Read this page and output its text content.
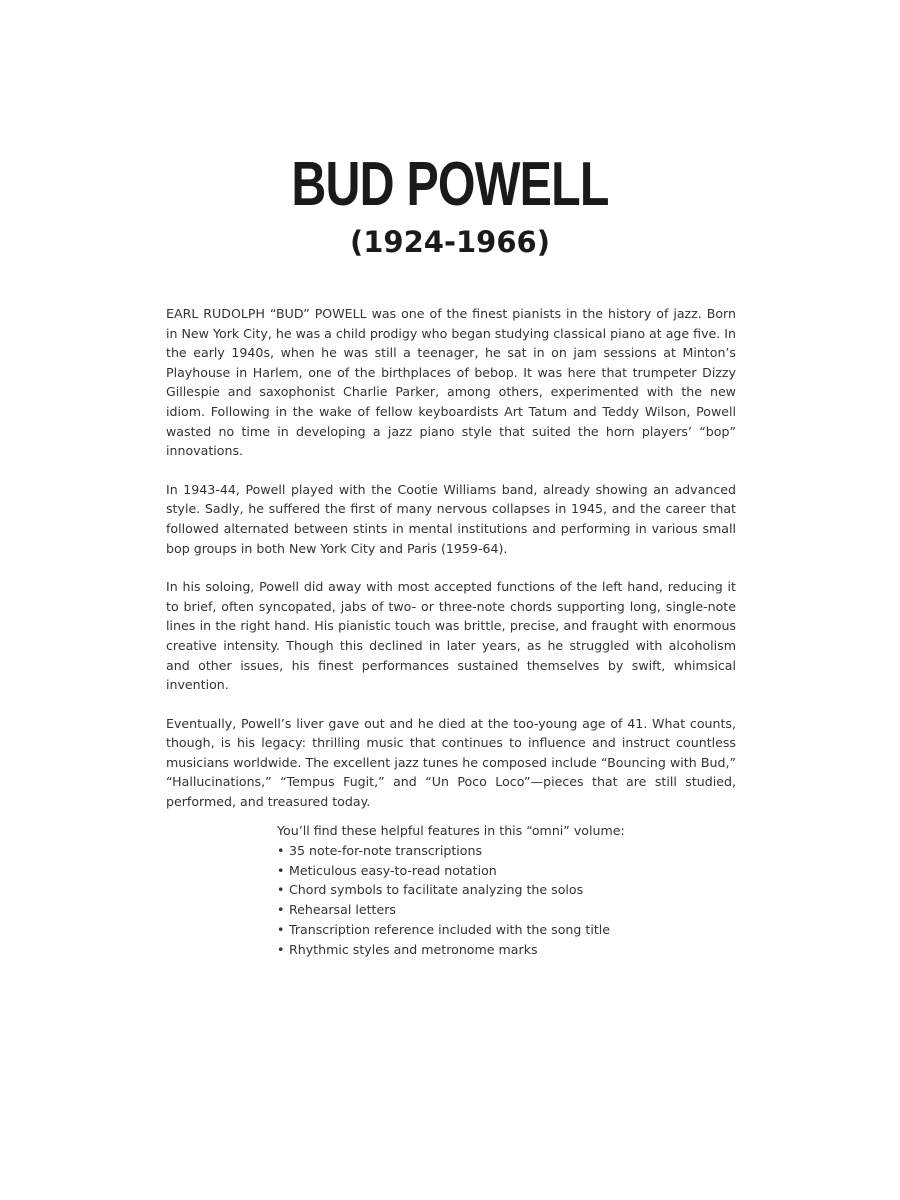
BUD POWELL
(1924-1966)

EARL RUDOLPH “BUD” POWELL was one of the finest pianists in the history of jazz. Born in New York City, he was a child prodigy who began studying classical piano at age five. In the early 1940s, when he was still a teenager, he sat in on jam sessions at Minton’s Playhouse in Harlem, one of the birthplaces of bebop. It was here that trumpeter Dizzy Gillespie and saxophonist Charlie Parker, among others, experimented with the new idiom. Following in the wake of fellow keyboardists Art Tatum and Teddy Wilson, Powell wasted no time in developing a jazz piano style that suited the horn players’ “bop” innovations.

In 1943-44, Powell played with the Cootie Williams band, already showing an advanced style. Sadly, he suffered the first of many nervous collapses in 1945, and the career that followed alternated between stints in mental institutions and performing in various small bop groups in both New York City and Paris (1959-64).

In his soloing, Powell did away with most accepted functions of the left hand, reducing it to brief, often syncopated, jabs of two- or three-note chords supporting long, single-note lines in the right hand. His pianistic touch was brittle, precise, and fraught with enormous creative intensity. Though this declined in later years, as he struggled with alcoholism and other issues, his finest performances sustained themselves by swift, whimsical invention.

Eventually, Powell’s liver gave out and he died at the too-young age of 41. What counts, though, is his legacy: thrilling music that continues to influence and instruct countless musicians worldwide. The excellent jazz tunes he composed include “Bouncing with Bud,” “Hallucinations,” “Tempus Fugit,” and “Un Poco Loco”—pieces that are still studied, performed, and treasured today.

You’ll find these helpful features in this “omni” volume:

• 35 note-for-note transcriptions
• Meticulous easy-to-read notation
• Chord symbols to facilitate analyzing the solos
• Rehearsal letters
• Transcription reference included with the song title
• Rhythmic styles and metronome marks
